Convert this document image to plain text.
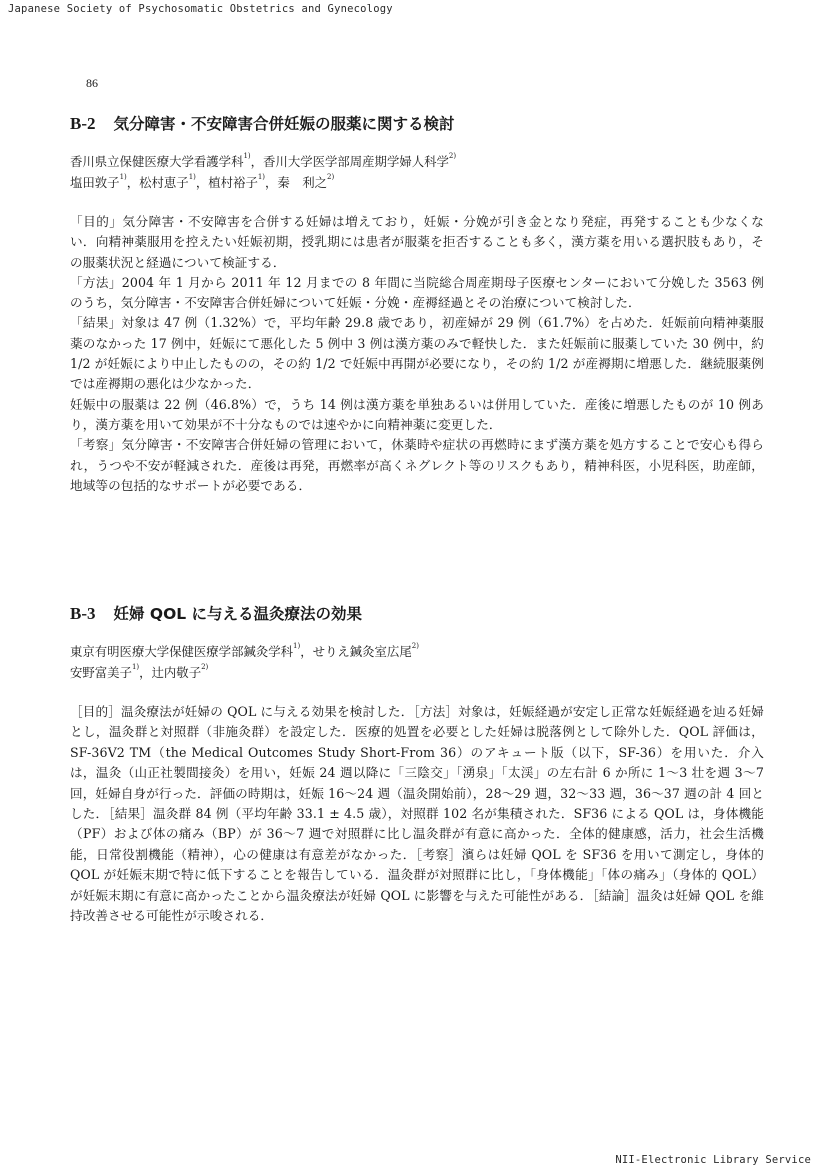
Japanese Society of Psychosomatic Obstetrics and Gynecology
86
B-2 気分障害・不安障害合併妊娠の服薬に関する検討
香川県立保健医療大学看護学科$^{1)}$，香川大学医学部周産期学婦人科学$^{2)}$
塩田敦子$^{1)}$，松村恵子$^{1)}$，植村裕子$^{1)}$，秦　利之$^{2)}$

「目的」気分障害・不安障害を合併する妊婦は増えており，妊娠・分娩が引き金となり発症，再発することも少なくない．向精神薬服用を控えたい妊娠初期，授乳期には患者が服薬を拒否することも多く，漢方薬を用いる選択肢もあり，その服薬状況と経過について検証する．

「方法」2004 年 1 月から 2011 年 12 月までの 8 年間に当院総合周産期母子医療センターにおいて分娩した 3563 例のうち，気分障害・不安障害合併妊婦について妊娠・分娩・産褥経過とその治療について検討した．

「結果」対象は 47 例（1.32%）で，平均年齢 29.8 歳であり，初産婦が 29 例（61.7%）を占めた．妊娠前向精神薬服薬のなかった 17 例中，妊娠にて悪化した 5 例中 3 例は漢方薬のみで軽快した．また妊娠前に服薬していた 30 例中，約 1/2 が妊娠により中止したものの，その約 1/2 で妊娠中再開が必要になり，その約 1/2 が産褥期に増悪した．継続服薬例では産褥期の悪化は少なかった．

妊娠中の服薬は 22 例（46.8%）で，うち 14 例は漢方薬を単独あるいは併用していた．産後に増悪したものが 10 例あり，漢方薬を用いて効果が不十分なものでは速やかに向精神薬に変更した．

「考察」気分障害・不安障害合併妊婦の管理において，休薬時や症状の再燃時にまず漢方薬を処方することで安心も得られ，うつや不安が軽減された．産後は再発，再燃率が高くネグレクト等のリスクもあり，精神科医，小児科医，助産師，地域等の包括的なサポートが必要である．

B-3 妊婦 QOL に与える温灸療法の効果
東京有明医療大学保健医療学部鍼灸学科$^{1)}$，せりえ鍼灸室広尾$^{2)}$
安野富美子$^{1)}$，辻内敬子$^{2)}$

［目的］温灸療法が妊婦の QOL に与える効果を検討した．［方法］対象は，妊娠経過が安定し正常な妊娠経過を辿る妊婦とし，温灸群と対照群（非施灸群）を設定した．医療的処置を必要とした妊婦は脱落例として除外した．QOL 評価は，SF-36V2 TM（the Medical Outcomes Study Short-From 36）のアキュート版（以下，SF-36）を用いた．介入は，温灸（山正社製間接灸）を用い，妊娠 24 週以降に「三陰交」「湧泉」「太渓」の左右計 6 か所に 1〜3 壮を週 3〜7 回，妊婦自身が行った．評価の時期は，妊娠 16〜24 週（温灸開始前），28〜29 週，32〜33 週，36〜37 週の計 4 回とした．［結果］温灸群 84 例（平均年齢 33.1 ± 4.5 歳），対照群 102 名が集積された．SF36 による QOL は，身体機能（PF）および体の痛み（BP）が 36〜7 週で対照群に比し温灸群が有意に高かった．全体的健康感，活力，社会生活機能，日常役割機能（精神），心の健康は有意差がなかった．［考察］濱らは妊婦 QOL を SF36 を用いて測定し，身体的 QOL が妊娠末期で特に低下することを報告している．温灸群が対照群に比し，「身体機能」「体の痛み」（身体的 QOL）が妊娠末期に有意に高かったことから温灸療法が妊婦 QOL に影響を与えた可能性がある．［結論］温灸は妊婦 QOL を維持改善させる可能性が示唆される．

NII-Electronic Library Service
